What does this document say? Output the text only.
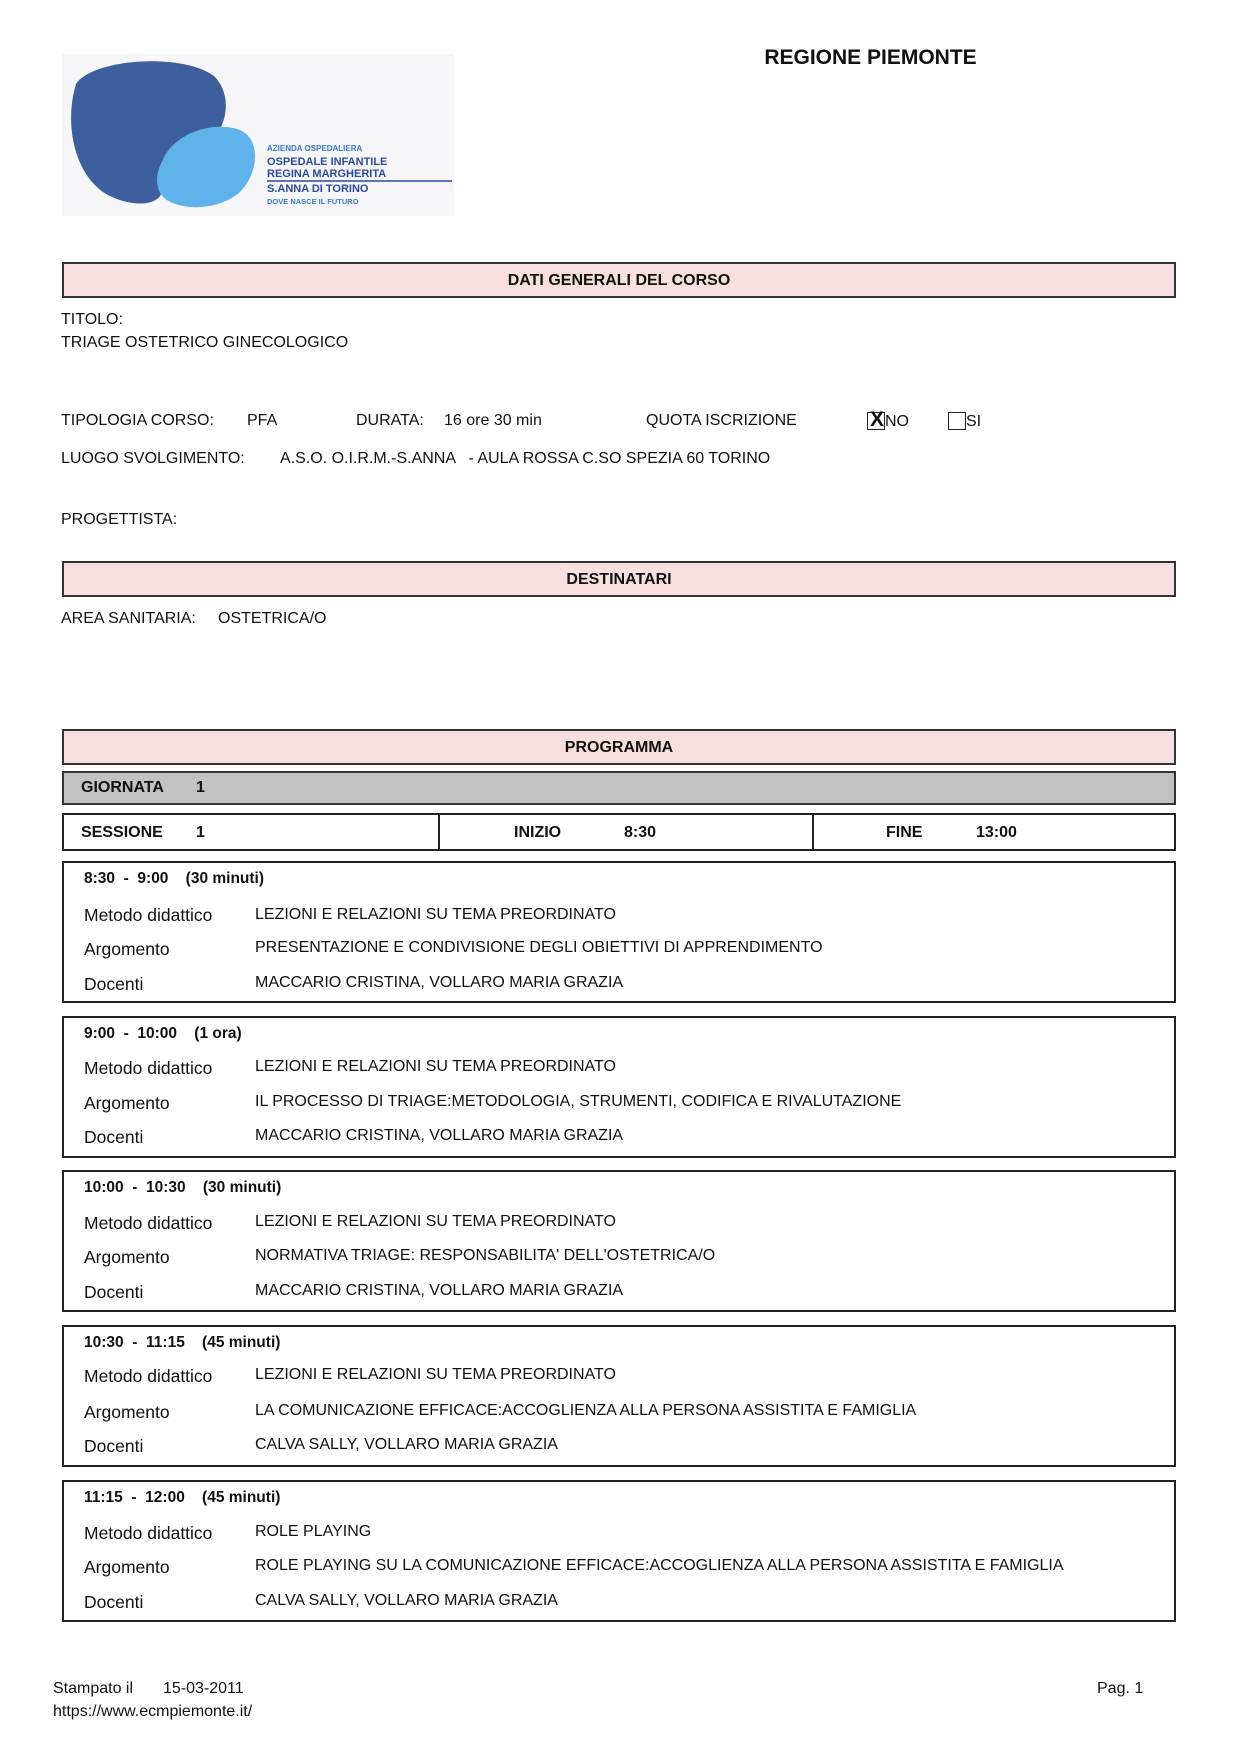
REGIONE PIEMONTE
AZIENDA OSPEDALIERA
OSPEDALE INFANTILE
REGINA MARGHERITA
S.ANNA DI TORINO
DOVE NASCE IL FUTURO
DATI GENERALI DEL CORSO
TITOLO:
TRIAGE OSTETRICO GINECOLOGICO
TIPOLOGIA CORSO: PFA	DURATA: 16 ore 30 min	QUOTA ISCRIZIONE	X NO	SI
LUOGO SVOLGIMENTO: A.S.O. O.I.R.M.-S.ANNA   - AULA ROSSA C.SO SPEZIA 60 TORINO
PROGETTISTA:
DESTINATARI
AREA SANITARIA: OSTETRICA/O
PROGRAMMA
GIORNATA 1
SESSIONE 1	INIZIO	8:30	FINE	13:00
8:30  -  9:00    (30 minuti)
Metodo didattico	LEZIONI E RELAZIONI SU TEMA PREORDINATO
Argomento	PRESENTAZIONE E CONDIVISIONE DEGLI OBIETTIVI DI APPRENDIMENTO
Docenti	MACCARIO CRISTINA, VOLLARO MARIA GRAZIA
9:00  -  10:00    (1 ora)
Metodo didattico	LEZIONI E RELAZIONI SU TEMA PREORDINATO
Argomento	IL PROCESSO DI TRIAGE:METODOLOGIA, STRUMENTI, CODIFICA E RIVALUTAZIONE
Docenti	MACCARIO CRISTINA, VOLLARO MARIA GRAZIA
10:00  -  10:30    (30 minuti)
Metodo didattico	LEZIONI E RELAZIONI SU TEMA PREORDINATO
Argomento	NORMATIVA TRIAGE: RESPONSABILITA' DELL'OSTETRICA/O
Docenti	MACCARIO CRISTINA, VOLLARO MARIA GRAZIA
10:30  -  11:15    (45 minuti)
Metodo didattico	LEZIONI E RELAZIONI SU TEMA PREORDINATO
Argomento	LA COMUNICAZIONE EFFICACE:ACCOGLIENZA ALLA PERSONA ASSISTITA E FAMIGLIA
Docenti	CALVA SALLY, VOLLARO MARIA GRAZIA
11:15  -  12:00    (45 minuti)
Metodo didattico	ROLE PLAYING
Argomento	ROLE PLAYING SU LA COMUNICAZIONE EFFICACE:ACCOGLIENZA ALLA PERSONA ASSISTITA E FAMIGLIA
Docenti	CALVA SALLY, VOLLARO MARIA GRAZIA
Stampato il 15-03-2011
https://www.ecmpiemonte.it/
Pag. 1
